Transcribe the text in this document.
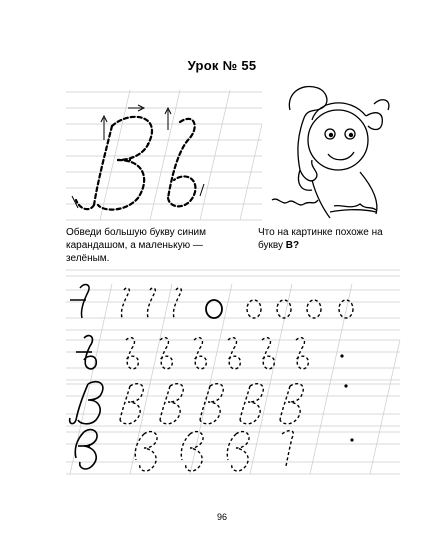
Урок № 55
Обведи большую букву синим карандашом, а маленькую — зелёным.
Что на картинке похоже на букву В?
96
